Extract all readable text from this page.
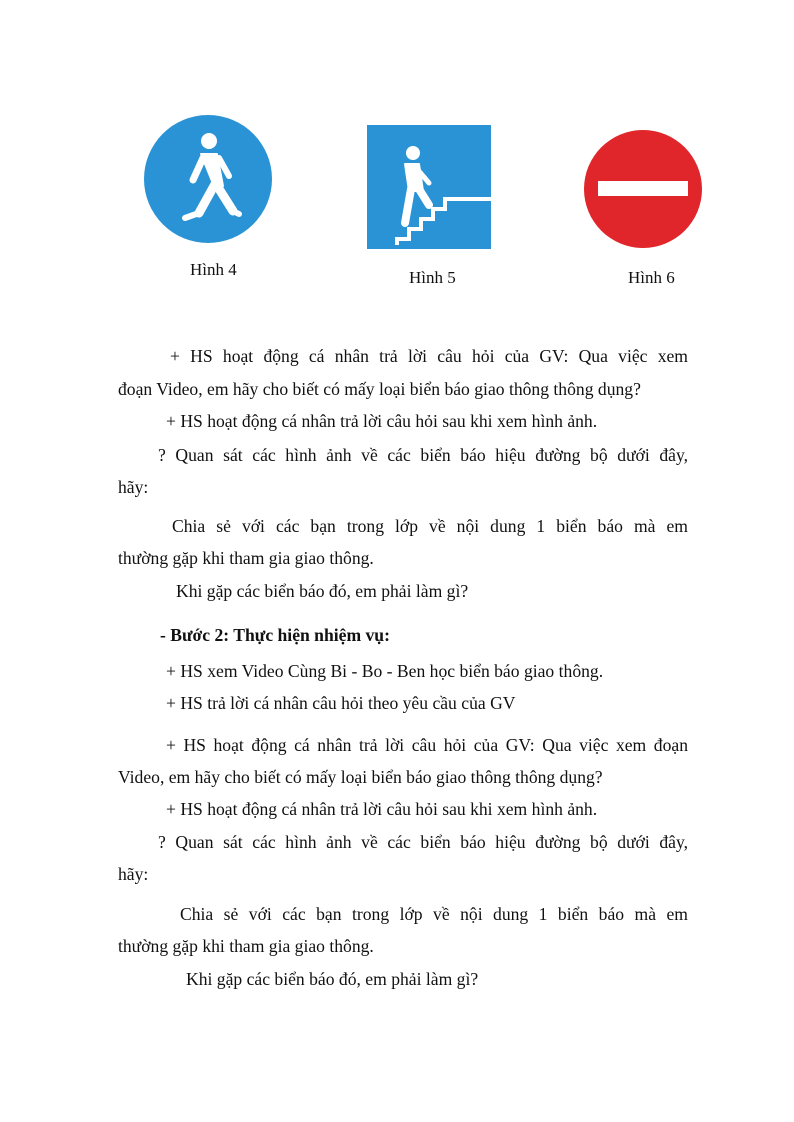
Hình 4	Hình 5	Hình 6
+ HS hoạt động cá nhân trả lời câu hỏi của GV: Qua việc xem
đoạn Video, em hãy cho biết có mấy loại biển báo giao thông thông dụng?
+ HS hoạt động cá nhân trả lời câu hỏi sau khi xem hình ảnh.
? Quan sát các hình ảnh về các biển báo hiệu đường bộ dưới đây,
hãy:
Chia sẻ với các bạn trong lớp về nội dung 1 biển báo mà em
thường gặp khi tham gia giao thông.
Khi gặp các biển báo đó, em phải làm gì?
- Bước 2: Thực hiện nhiệm vụ:
+ HS xem Video Cùng Bi - Bo - Ben học biển báo giao thông.
+ HS trả lời cá nhân câu hỏi theo yêu cầu của GV
+ HS hoạt động cá nhân trả lời câu hỏi của GV: Qua việc xem đoạn
Video, em hãy cho biết có mấy loại biển báo giao thông thông dụng?
+ HS hoạt động cá nhân trả lời câu hỏi sau khi xem hình ảnh.
? Quan sát các hình ảnh về các biển báo hiệu đường bộ dưới đây,
hãy:
Chia sẻ với các bạn trong lớp về nội dung 1 biển báo mà em
thường gặp khi tham gia giao thông.
Khi gặp các biển báo đó, em phải làm gì?
